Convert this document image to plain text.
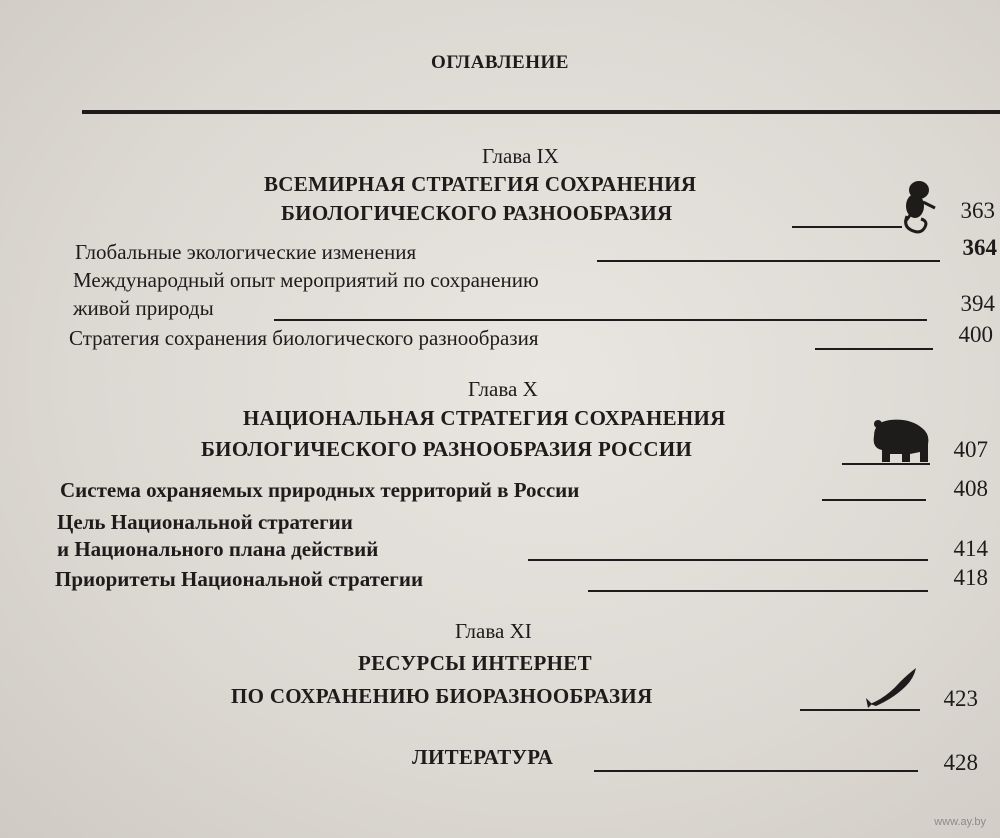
ОГЛАВЛЕНИЕ
Глава IX
ВСЕМИРНАЯ СТРАТЕГИЯ СОХРАНЕНИЯ
БИОЛОГИЧЕСКОГО РАЗНООБРАЗИЯ	363
Глобальные экологические изменения	364
Международный опыт мероприятий по сохранению
живой природы	394
Стратегия сохранения биологического разнообразия	400
Глава X
НАЦИОНАЛЬНАЯ СТРАТЕГИЯ СОХРАНЕНИЯ
БИОЛОГИЧЕСКОГО РАЗНООБРАЗИЯ РОССИИ	407
Система охраняемых природных территорий в России	408
Цель Национальной стратегии
и Национального плана действий	414
Приоритеты Национальной стратегии	418
Глава XI
РЕСУРСЫ ИНТЕРНЕТ
ПО СОХРАНЕНИЮ БИОРАЗНООБРАЗИЯ	423
ЛИТЕРАТУРА	428
www.ay.by
